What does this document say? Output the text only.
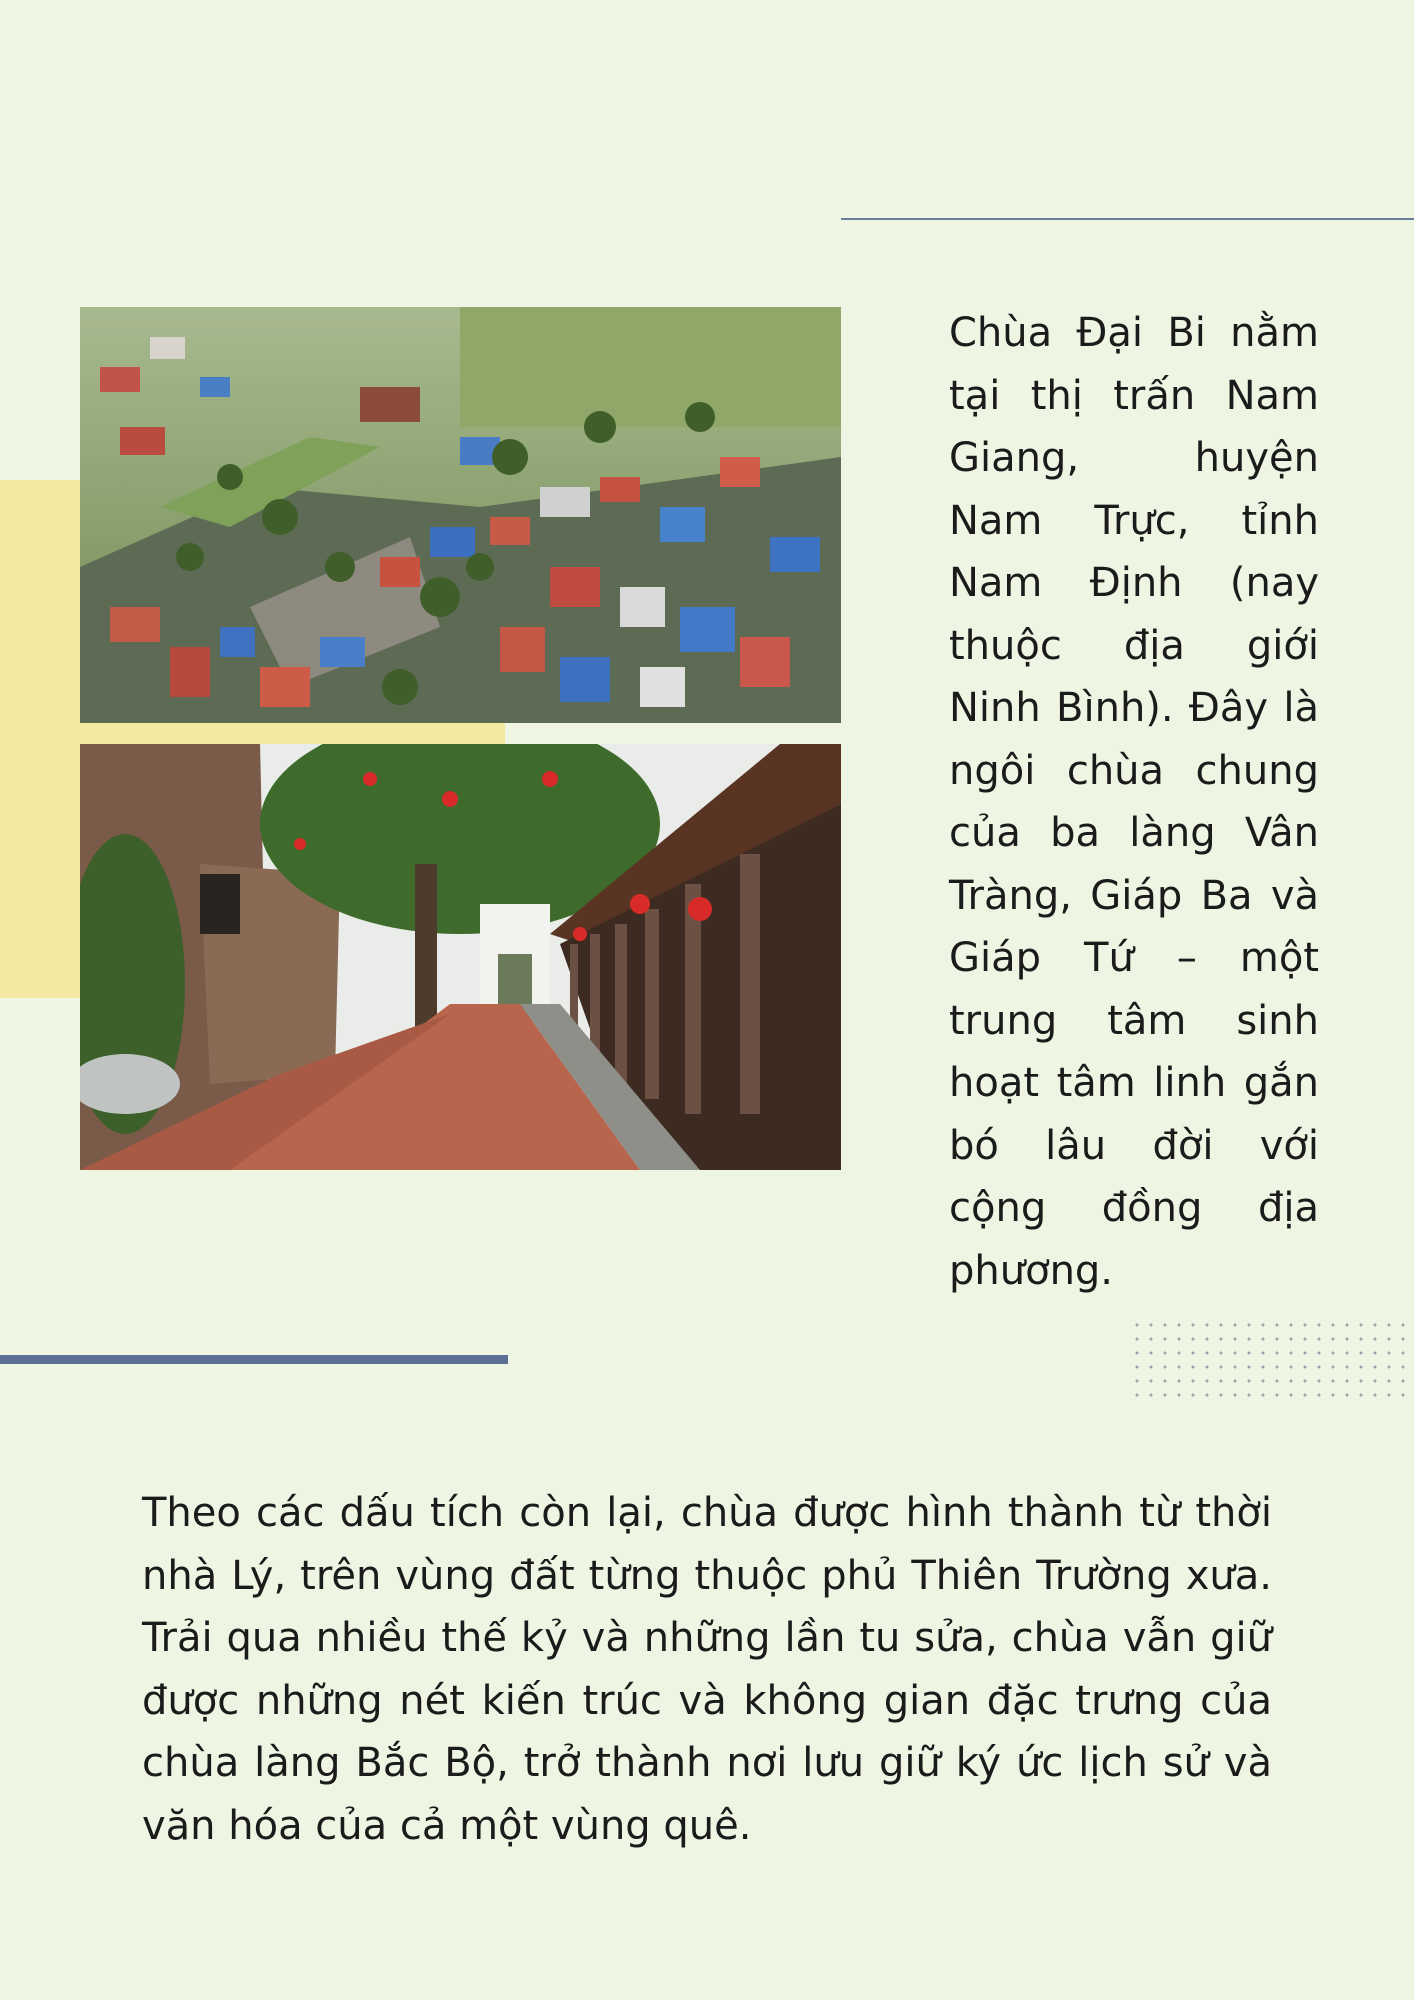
Chùa Đại Bi nằm tại thị trấn Nam Giang, huyện Nam Trực, tỉnh Nam Định (nay thuộc địa giới Ninh Bình). Đây là ngôi chùa chung của ba làng Vân Tràng, Giáp Ba và Giáp Tứ – một trung tâm sinh hoạt tâm linh gắn bó lâu đời với cộng đồng địa phương.

Theo các dấu tích còn lại, chùa được hình thành từ thời nhà Lý, trên vùng đất từng thuộc phủ Thiên Trường xưa. Trải qua nhiều thế kỷ và những lần tu sửa, chùa vẫn giữ được những nét kiến trúc và không gian đặc trưng của chùa làng Bắc Bộ, trở thành nơi lưu giữ ký ức lịch sử và văn hóa của cả một vùng quê.
